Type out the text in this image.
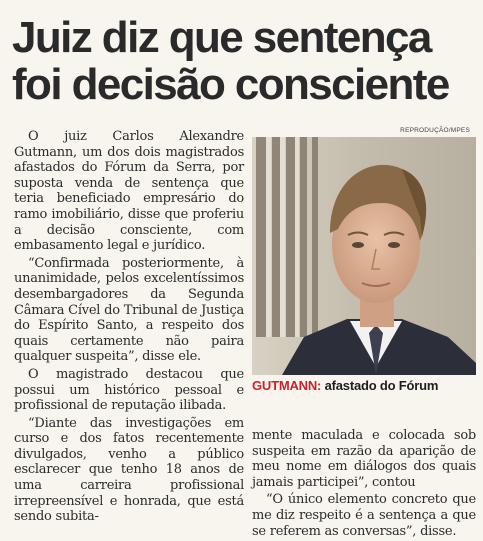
Juiz diz que sentença
foi decisão consciente

O juiz Carlos Alexandre Gutmann, um dos dois magistrados afastados do Fórum da Serra, por suposta venda de sentença que teria beneficiado empresário do ramo imobiliário, disse que proferiu a decisão consciente, com embasamento legal e jurídico.

“Confirmada posteriormente, à unanimidade, pelos excelentíssimos desembargadores da Segunda Câmara Cível do Tribunal de Justiça do Espírito Santo, a respeito dos quais certamente não paira qualquer suspeita”, disse ele.

O magistrado destacou que possui um histórico pessoal e profissional de reputação ilibada.

“Diante das investigações em curso e dos fatos recentemente divulgados, venho a público esclarecer que tenho 18 anos de uma carreira profissional irrepreensível e honrada, que está sendo subita-

REPRODUÇÃO/MPES
GUTMANN: afastado do Fórum

mente maculada e colocada sob suspeita em razão da aparição de meu nome em diálogos dos quais jamais participei”, contou

“O único elemento concreto que me diz respeito é a sentença a que se referem as conversas”, disse.
